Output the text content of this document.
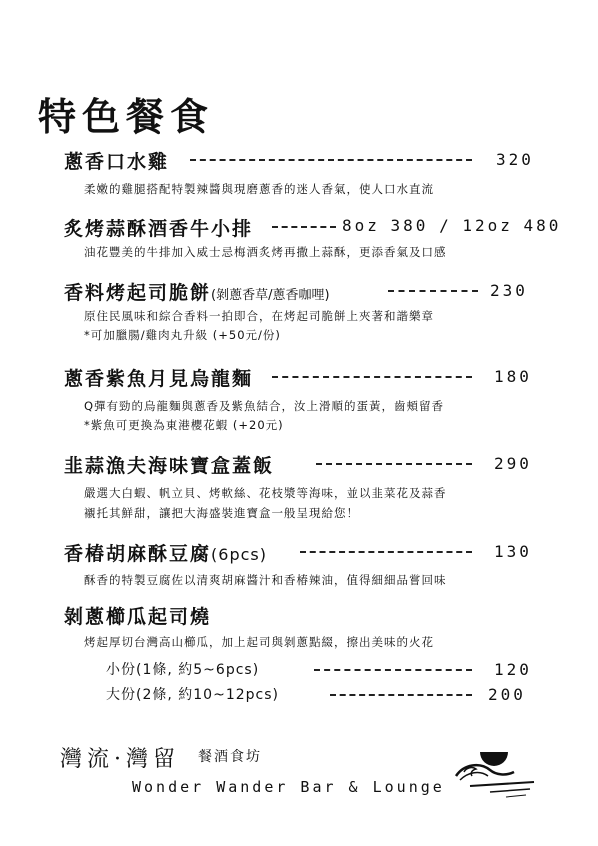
特色餐食
蔥香口水雞	320
柔嫩的雞腿搭配特製辣醬與現磨蔥香的迷人香氣，使人口水直流
炙烤蒜酥酒香牛小排	8oz 380 / 12oz 480
油花豐美的牛排加入威士忌梅酒炙烤再撒上蒜酥，更添香氣及口感
香料烤起司脆餅(剝蔥香草/蔥香咖哩)	230
原住民風味和綜合香料一拍即合，在烤起司脆餅上夾著和諧樂章
*可加臘腸/雞肉丸升級 (+50元/份)
蔥香紫魚月見烏龍麵	180
Q彈有勁的烏龍麵與蔥香及紫魚結合，汝上滑順的蛋黃，齒頰留香
*紫魚可更換為東港櫻花蝦 (+20元)
韭蒜漁夫海味寶盒蓋飯	290
嚴選大白蝦、帆立貝、烤軟絲、花枝漿等海味，並以韭菜花及蒜香
襯托其鮮甜，讓把大海盛裝進寶盒一般呈現給您！
香椿胡麻酥豆腐(6pcs)	130
酥香的特製豆腐佐以清爽胡麻醬汁和香椿辣油，值得細細品嘗回味
剝蔥櫛瓜起司燒
烤起厚切台灣高山櫛瓜，加上起司與剝蔥點綴，擦出美味的火花
小份(1條, 約5~6pcs)	120
大份(2條, 約10~12pcs)	200
灣流·灣留 餐酒食坊
Wonder Wander Bar & Lounge
